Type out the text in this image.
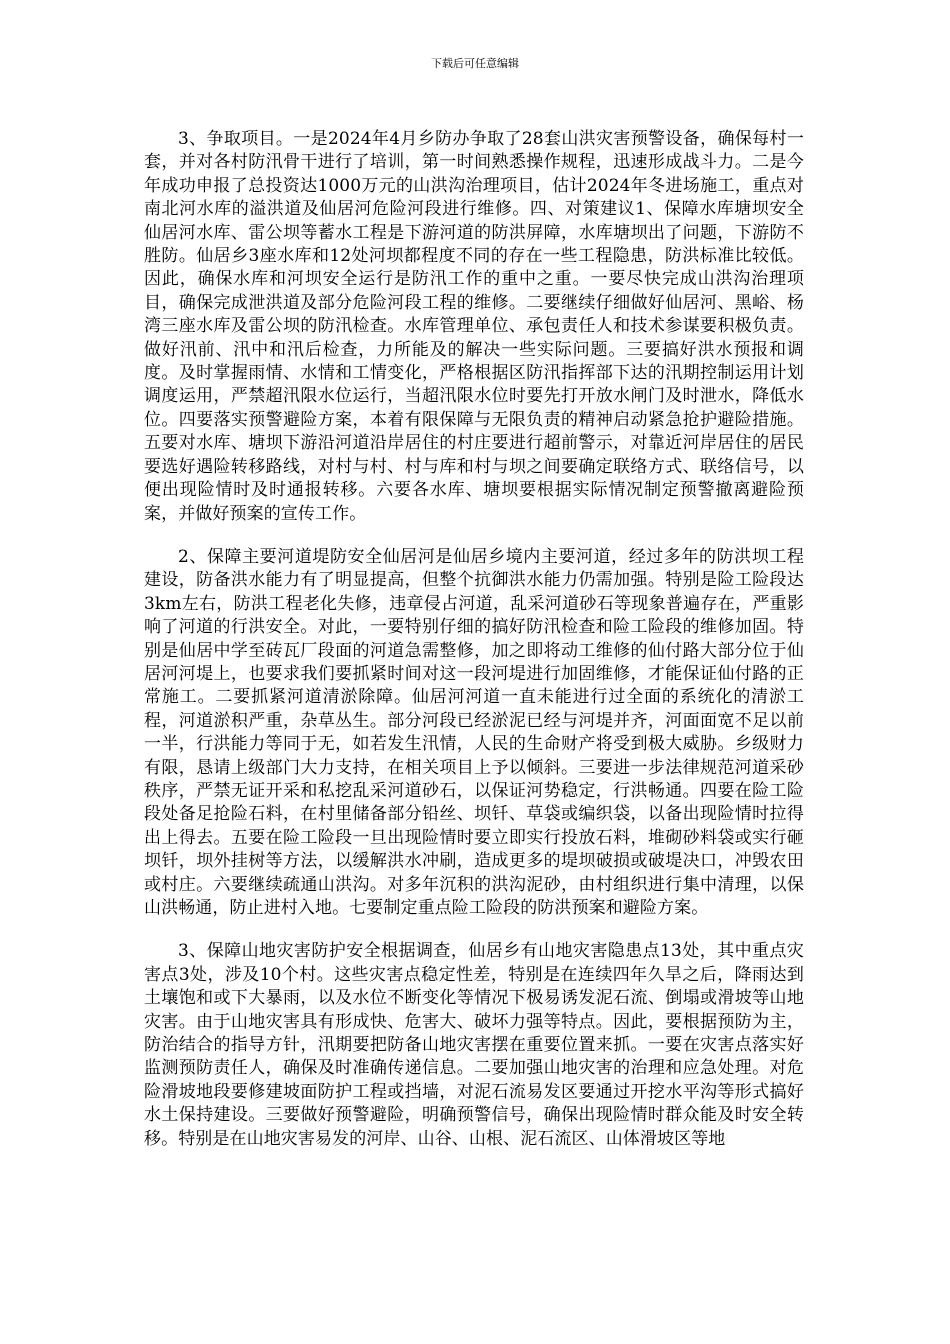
下载后可任意编辑

3、争取项目。一是2024年4月乡防办争取了28套山洪灾害预警设备，确保每村一套，并对各村防汛骨干进行了培训，第一时间熟悉操作规程，迅速形成战斗力。二是今年成功申报了总投资达1000万元的山洪沟治理项目，估计2024年冬进场施工，重点对南北河水库的溢洪道及仙居河危险河段进行维修。四、对策建议1、保障水库塘坝安全仙居河水库、雷公坝等蓄水工程是下游河道的防洪屏障，水库塘坝出了问题，下游防不胜防。仙居乡3座水库和12处河坝都程度不同的存在一些工程隐患，防洪标准比较低。因此，确保水库和河坝安全运行是防汛工作的重中之重。一要尽快完成山洪沟治理项目，确保完成泄洪道及部分危险河段工程的维修。二要继续仔细做好仙居河、黑峪、杨湾三座水库及雷公坝的防汛检查。水库管理单位、承包责任人和技术参谋要积极负责。做好汛前、汛中和汛后检查，力所能及的解决一些实际问题。三要搞好洪水预报和调度。及时掌握雨情、水情和工情变化，严格根据区防汛指挥部下达的汛期控制运用计划调度运用，严禁超汛限水位运行，当超汛限水位时要先打开放水闸门及时泄水，降低水位。四要落实预警避险方案，本着有限保障与无限负责的精神启动紧急抢护避险措施。五要对水库、塘坝下游沿河道沿岸居住的村庄要进行超前警示，对靠近河岸居住的居民要选好遇险转移路线，对村与村、村与库和村与坝之间要确定联络方式、联络信号，以便出现险情时及时通报转移。六要各水库、塘坝要根据实际情况制定预警撤离避险预案，并做好预案的宣传工作。

2、保障主要河道堤防安全仙居河是仙居乡境内主要河道，经过多年的防洪坝工程建设，防备洪水能力有了明显提高，但整个抗御洪水能力仍需加强。特别是险工险段达3km左右，防洪工程老化失修，违章侵占河道，乱采河道砂石等现象普遍存在，严重影响了河道的行洪安全。对此，一要特别仔细的搞好防汛检查和险工险段的维修加固。特别是仙居中学至砖瓦厂段面的河道急需整修，加之即将动工维修的仙付路大部分位于仙居河河堤上，也要求我们要抓紧时间对这一段河堤进行加固维修，才能保证仙付路的正常施工。二要抓紧河道清淤除障。仙居河河道一直未能进行过全面的系统化的清淤工程，河道淤积严重，杂草丛生。部分河段已经淤泥已经与河堤并齐，河面面宽不足以前一半，行洪能力等同于无，如若发生汛情，人民的生命财产将受到极大威胁。乡级财力有限，恳请上级部门大力支持，在相关项目上予以倾斜。三要进一步法律规范河道采砂秩序，严禁无证开采和私挖乱采河道砂石，以保证河势稳定，行洪畅通。四要在险工险段处备足抢险石料，在村里储备部分铅丝、坝钎、草袋或编织袋，以备出现险情时拉得出上得去。五要在险工险段一旦出现险情时要立即实行投放石料，堆砌砂料袋或实行砸坝钎，坝外挂树等方法，以缓解洪水冲刷，造成更多的堤坝破损或破堤决口，冲毁农田或村庄。六要继续疏通山洪沟。对多年沉积的洪沟泥砂，由村组织进行集中清理，以保山洪畅通，防止进村入地。七要制定重点险工险段的防洪预案和避险方案。

3、保障山地灾害防护安全根据调查，仙居乡有山地灾害隐患点13处，其中重点灾害点3处，涉及10个村。这些灾害点稳定性差，特别是在连续四年久旱之后，降雨达到土壤饱和或下大暴雨，以及水位不断变化等情况下极易诱发泥石流、倒塌或滑坡等山地灾害。由于山地灾害具有形成快、危害大、破坏力强等特点。因此，要根据预防为主，防治结合的指导方针，汛期要把防备山地灾害摆在重要位置来抓。一要在灾害点落实好监测预防责任人，确保及时准确传递信息。二要加强山地灾害的治理和应急处理。对危险滑坡地段要修建坡面防护工程或挡墙，对泥石流易发区要通过开挖水平沟等形式搞好水土保持建设。三要做好预警避险，明确预警信号，确保出现险情时群众能及时安全转移。特别是在山地灾害易发的河岸、山谷、山根、泥石流区、山体滑坡区等地
